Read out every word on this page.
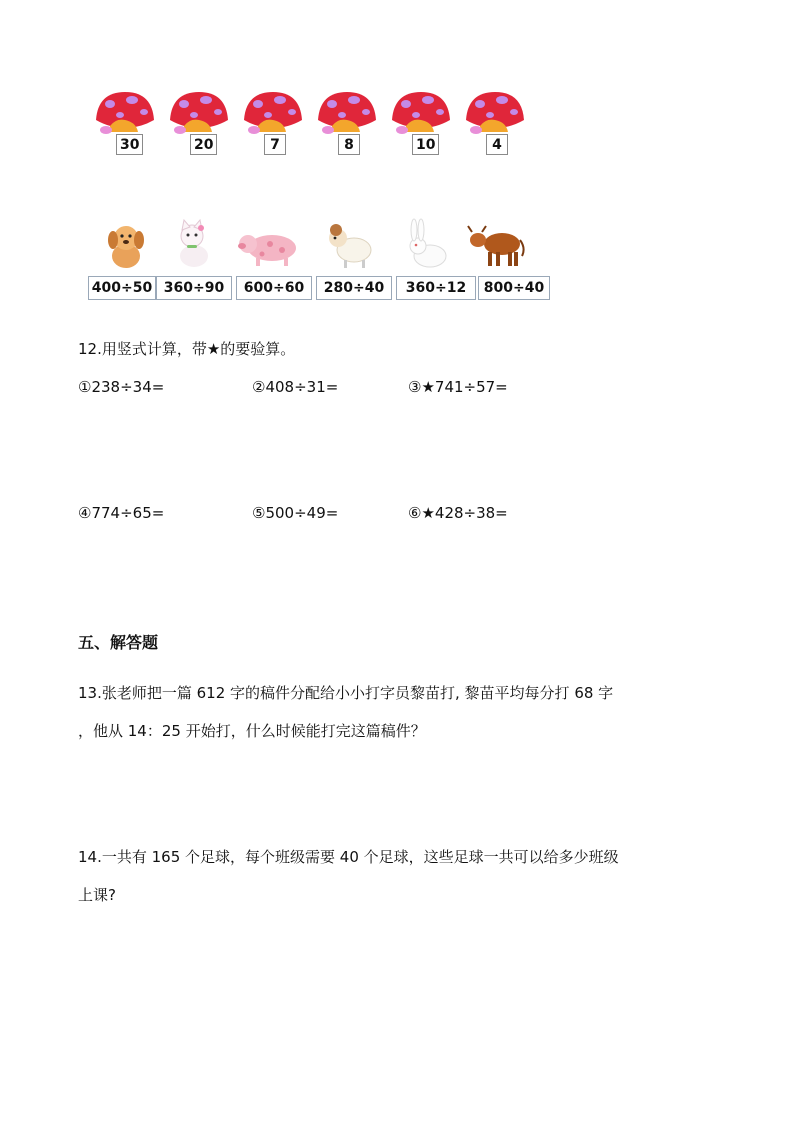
30	20	7	8	10	4
400÷50 360÷90	600÷60	280÷40	360÷12	800÷40
12.用竖式计算，带★的要验算。
①238÷34=	②408÷31=	③★741÷57=
④774÷65=	⑤500÷49=	⑥★428÷38=
五、解答题
13.张老师把一篇 612 字的稿件分配给小小打字员黎苗打, 黎苗平均每分打 68 字
，他从 14：25 开始打，什么时候能打完这篇稿件？
14.一共有 165 个足球，每个班级需要 40 个足球，这些足球一共可以给多少班级
上课?
